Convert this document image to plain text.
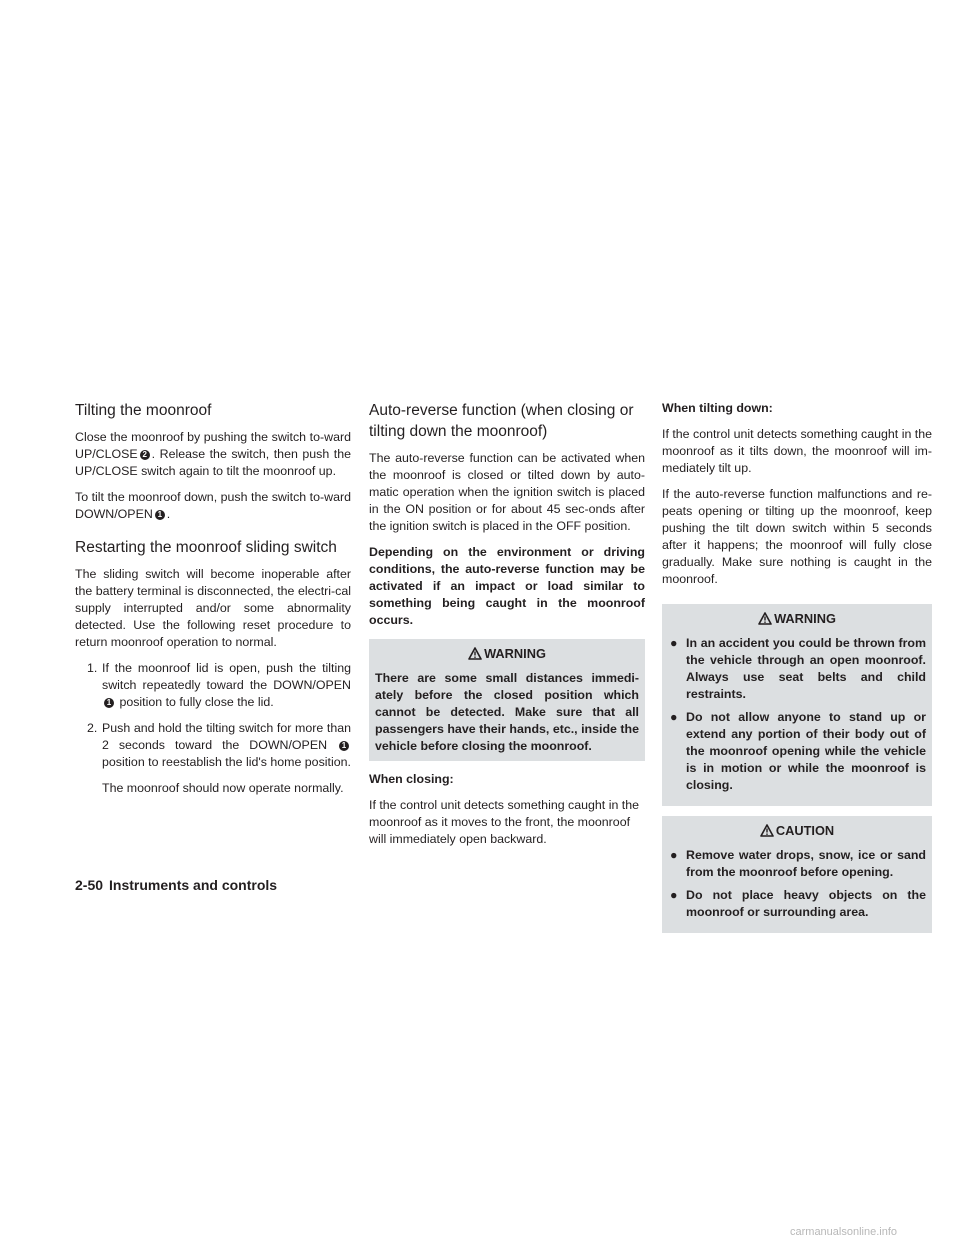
Tilting the moonroof

Close the moonroof by pushing the switch to-ward UP/CLOSE 2 . Release the switch, then push the UP/CLOSE switch again to tilt the moonroof up.

To tilt the moonroof down, push the switch to-ward DOWN/OPEN 1 .

Restarting the moonroof sliding switch

The sliding switch will become inoperable after the battery terminal is disconnected, the electri-cal supply interrupted and/or some abnormality detected. Use the following reset procedure to return moonroof operation to normal.

1. If the moonroof lid is open, push the tilting switch repeatedly toward the DOWN/OPEN 1 position to fully close the lid.
2. Push and hold the tilting switch for more than 2 seconds toward the DOWN/OPEN 1 position to reestablish the lid's home position.

The moonroof should now operate normally.

Auto-reverse function (when closing or tilting down the moonroof)

The auto-reverse function can be activated when the moonroof is closed or tilted down by auto-matic operation when the ignition switch is placed in the ON position or for about 45 sec-onds after the ignition switch is placed in the OFF position.

Depending on the environment or driving conditions, the auto-reverse function may be activated if an impact or load similar to something being caught in the moonroof occurs.

WARNING
There are some small distances immedi-ately before the closed position which cannot be detected. Make sure that all passengers have their hands, etc., inside the vehicle before closing the moonroof.

When closing:

If the control unit detects something caught in the moonroof as it moves to the front, the moonroof will immediately open backward.

When tilting down:

If the control unit detects something caught in the moonroof as it tilts down, the moonroof will im-mediately tilt up.

If the auto-reverse function malfunctions and re-peats opening or tilting up the moonroof, keep pushing the tilt down switch within 5 seconds after it happens; the moonroof will fully close gradually. Make sure nothing is caught in the moonroof.

WARNING
● In an accident you could be thrown from the vehicle through an open moonroof. Always use seat belts and child restraints.
● Do not allow anyone to stand up or extend any portion of their body out of the moonroof opening while the vehicle is in motion or while the moonroof is closing.
CAUTION
● Remove water drops, snow, ice or sand from the moonroof before opening.
● Do not place heavy objects on the moonroof or surrounding area.
2-50 Instruments and controls
carmanualsonline.info
